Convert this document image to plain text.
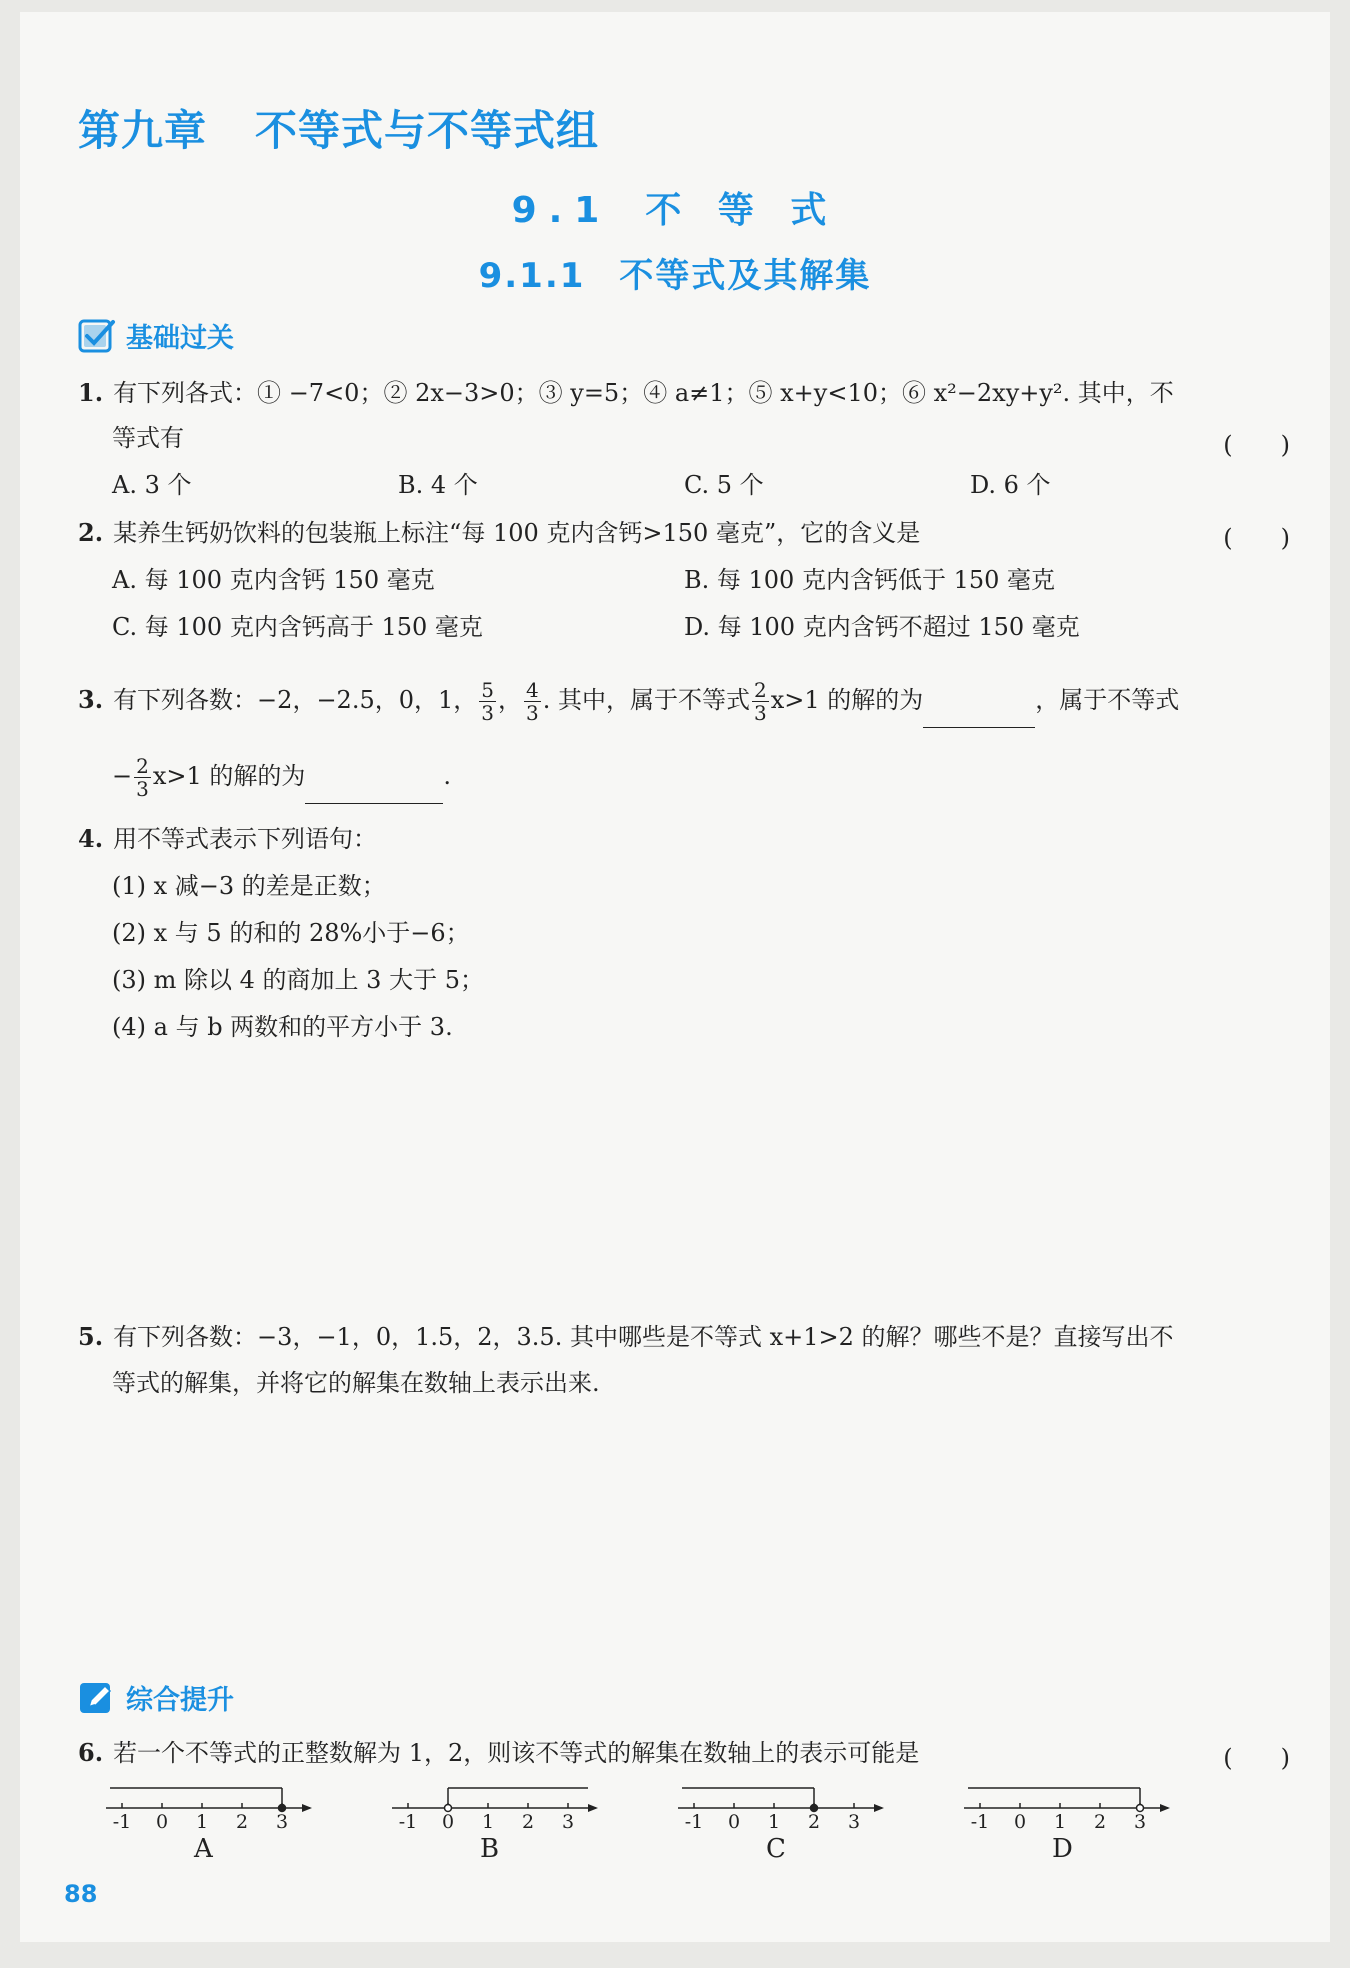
第九章 不等式与不等式组
9.1 不 等 式
9.1.1 不等式及其解集
基础过关
1. 有下列各式：① −7<0；② 2x−3>0；③ y=5；④ a≠1；⑤ x+y<10；⑥ x²−2xy+y². 其中，不
等式有	(　　)
A. 3 个	B. 4 个	C. 5 个	D. 6 个
2. 某养生钙奶饮料的包装瓶上标注“每 100 克内含钙>150 毫克”，它的含义是	(　　)
A. 每 100 克内含钙 150 毫克	B. 每 100 克内含钙低于 150 毫克
C. 每 100 克内含钙高于 150 毫克	D. 每 100 克内含钙不超过 150 毫克
3. 有下列各数：−2，−2.5，0，1， $\frac{5}{3}$ ， $\frac{4}{3}$ . 其中，属于不等式 $\frac{2}{3} x>1$ 的解的为	，属于不等式
− $\frac{2}{3} x>1$ 的解的为	.
4. 用不等式表示下列语句：
(1) x 减−3 的差是正数；
(2) x 与 5 的和的 28%小于−6；
(3) m 除以 4 的商加上 3 大于 5；
(4) a 与 b 两数和的平方小于 3.
5. 有下列各数：−3，−1，0，1.5，2，3.5. 其中哪些是不等式 x+1>2 的解？哪些不是？直接写出不
等式的解集，并将它的解集在数轴上表示出来.
综合提升
6. 若一个不等式的正整数解为 1，2，则该不等式的解集在数轴上的表示可能是	(　　)
-1 0 1 2 3
A
-1 0 1 2 3
B
-1 0 1 2 3
C
-1 0 1 2 3
D
88
